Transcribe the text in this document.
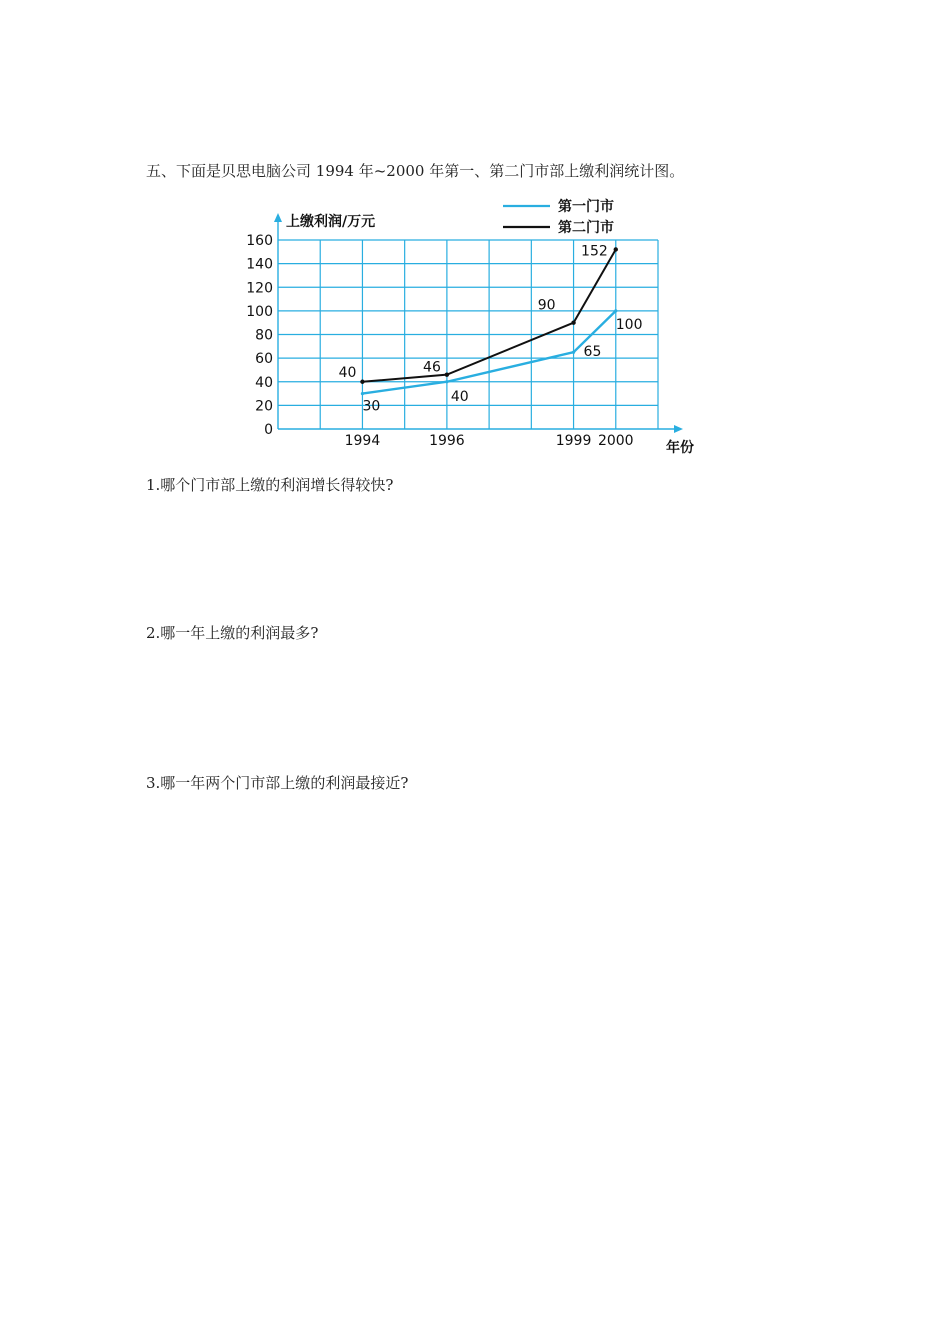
五、下面是贝思电脑公司 1994 年~2000 年第一、第二门市部上缴利润统计图。
上缴利润/万元
年份
0
20
40
60
80
100
120
140
160
1994	1996	1999 2000
30
40
65
100
40	46
90
152
第一门市
第二门市
1.哪个门市部上缴的利润增长得较快?
2.哪一年上缴的利润最多?
3.哪一年两个门市部上缴的利润最接近?
